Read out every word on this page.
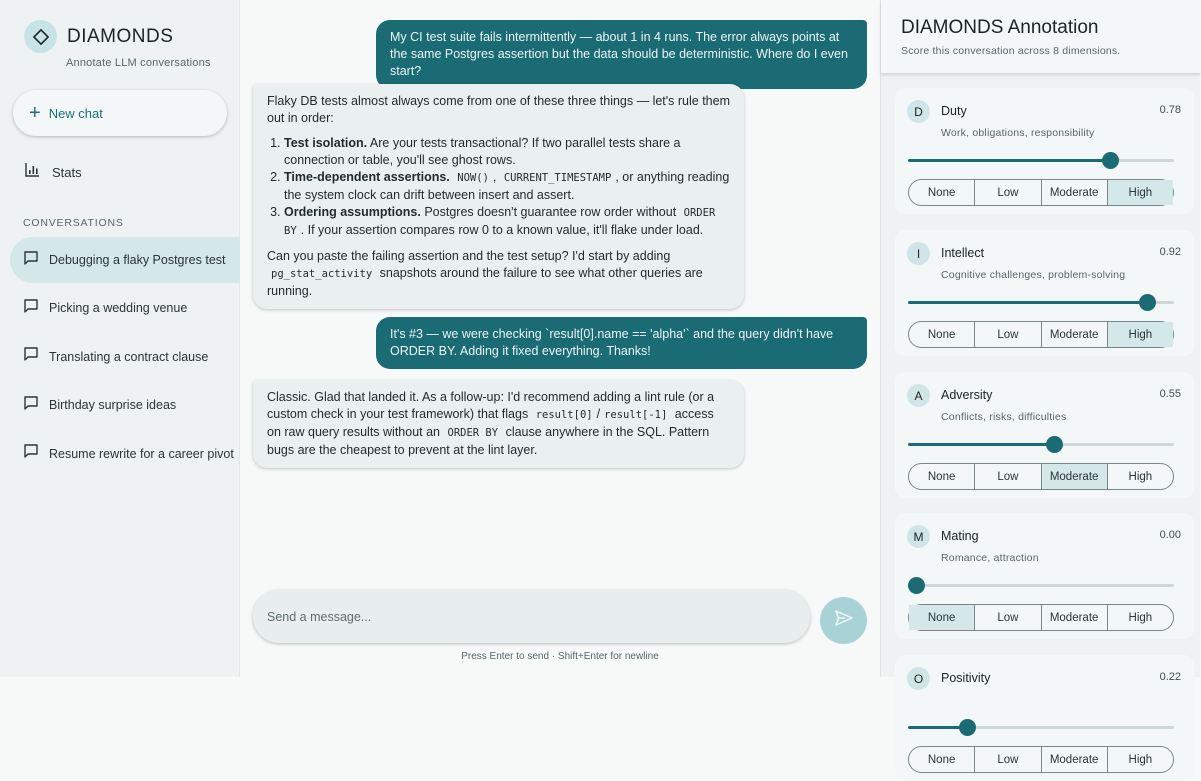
DIAMONDS
Annotate LLM conversations
+ New chat
Stats
CONVERSATIONS
Debugging a flaky Postgres test
Picking a wedding venue
Translating a contract clause
Birthday surprise ideas
Resume rewrite for a career pivot

My CI test suite fails intermittently — about 1 in 4 runs. The error always points at the same Postgres assertion but the data should be deterministic. Where do I even start?

Flaky DB tests almost always come from one of these three things — let's rule them out in order:

1. Test isolation. Are your tests transactional? If two parallel tests share a connection or table, you'll see ghost rows.
2. Time-dependent assertions. NOW() , CURRENT_TIMESTAMP , or anything reading the system clock can drift between insert and assert.
3. Ordering assumptions. Postgres doesn't guarantee row order without ORDER BY . If your assertion compares row 0 to a known value, it'll flake under load.

Can you paste the failing assertion and the test setup? I'd start by adding pg_stat_activity snapshots around the failure to see what other queries are running.

It's #3 — we were checking `result[0].name == 'alpha'` and the query didn't have ORDER BY. Adding it fixed everything. Thanks!

Classic. Glad that landed it. As a follow-up: I'd recommend adding a lint rule (or a custom check in your test framework) that flags result[0] / result[-1] access on raw query results without an ORDER BY clause anywhere in the SQL. Pattern bugs are the cheapest to prevent at the lint layer.

Send a message...
Press Enter to send · Shift+Enter for newline
DIAMONDS Annotation
Score this conversation across 8 dimensions.
D	Duty	0.78
Work, obligations, responsibility
None	Low	Moderate	High
I	Intellect	0.92
Cognitive challenges, problem-solving
None	Low	Moderate	High
A	Adversity	0.55
Conflicts, risks, difficulties
None	Low	Moderate	High
M	Mating	0.00
Romance, attraction
None	Low	Moderate	High
O	Positivity	0.22
None	Low	Moderate	High
